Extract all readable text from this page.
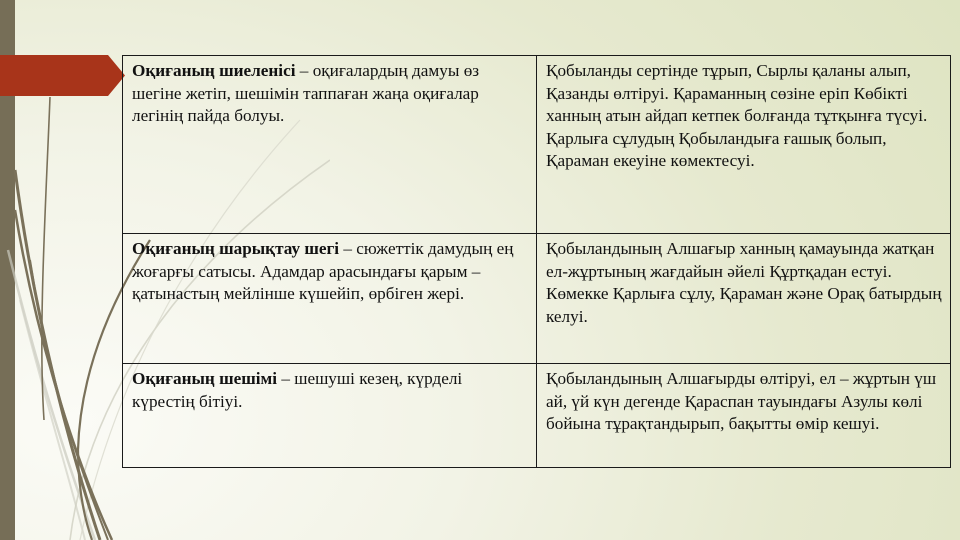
Оқиғаның шиеленісі – оқиғалардың дамуы өз шегіне жетіп, шешімін таппаған жаңа оқиғалар легінің пайда болуы.	Қобыланды сертінде тұрып, Сырлы қаланы алып, Қазанды өлтіруі. Қараманның сөзіне еріп Көбікті ханның атын айдап кетпек болғанда тұтқынға түсуі. Қарлыға сұлудың Қобыландыға ғашық болып, Қараман екеуіне көмектесуі.
Оқиғаның шарықтау шегі – сюжеттік дамудың ең жоғарғы сатысы. Адамдар арасындағы қарым – қатынастың мейлінше күшейіп, өрбіген жері.	Қобыландының Алшағыр ханның қамауында жатқан ел-жұртының жағдайын әйелі Құртқадан естуі. Көмекке Қарлыға сұлу, Қараман және Орақ батырдың келуі.
Оқиғаның шешімі – шешуші кезең, күрделі күрестің бітіуі.	Қобыландының Алшағырды өлтіруі, ел – жұртын үш ай, үй күн дегенде Қараспан тауындағы Азулы көлі бойына тұрақтандырып, бақытты өмір кешуі.
